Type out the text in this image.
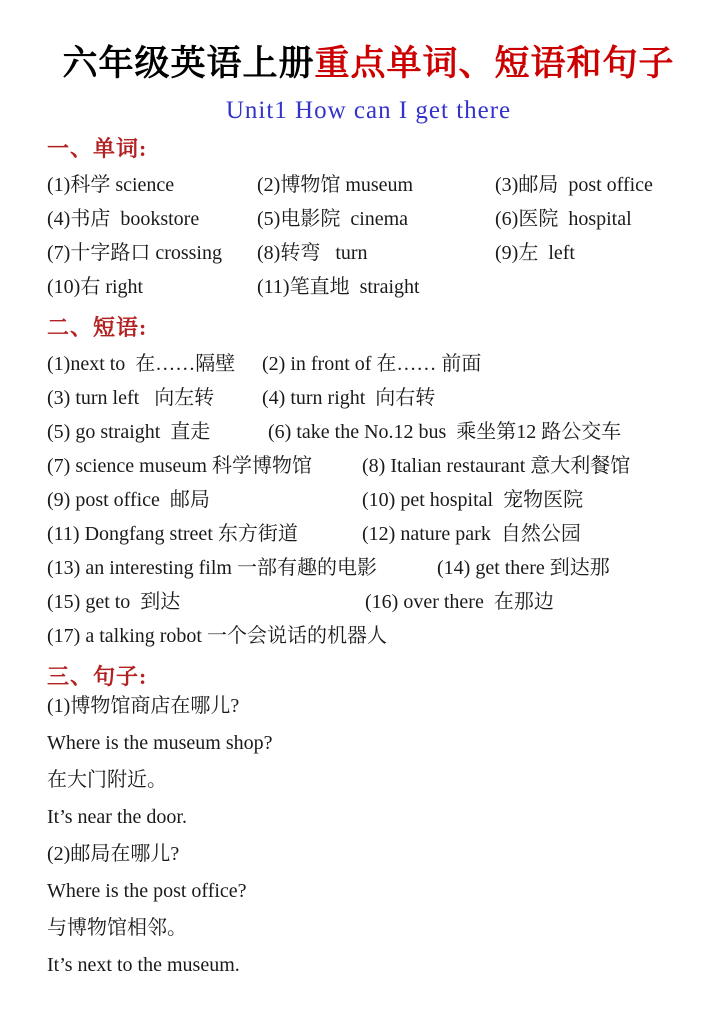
六年级英语上册重点单词、短语和句子
Unit1 How can I get there
一、单词:
(1)科学 science	(2)博物馆 museum	(3)邮局  post office
(4)书店  bookstore	(5)电影院  cinema	(6)医院  hospital
(7)十字路口 crossing	(8)转弯   turn	(9)左  left
(10)右 right	(11)笔直地  straight
二、短语:
(1)next to  在……隔壁	(2) in front of 在…… 前面
(3) turn left   向左转	(4) turn right  向右转
(5) go straight  直走	(6) take the No.12 bus  乘坐第12 路公交车
(7) science museum 科学博物馆	(8) Italian restaurant 意大利餐馆
(9) post office  邮局	(10) pet hospital  宠物医院
(11) Dongfang street 东方街道	(12) nature park  自然公园
(13) an interesting film 一部有趣的电影	(14) get there 到达那
(15) get to  到达	(16) over there  在那边
(17) a talking robot 一个会说话的机器人
三、句子:

(1)博物馆商店在哪儿?

Where is the museum shop?

在大门附近。

It’s near the door.

(2)邮局在哪儿?

Where is the post office?

与博物馆相邻。

It’s next to the museum.
